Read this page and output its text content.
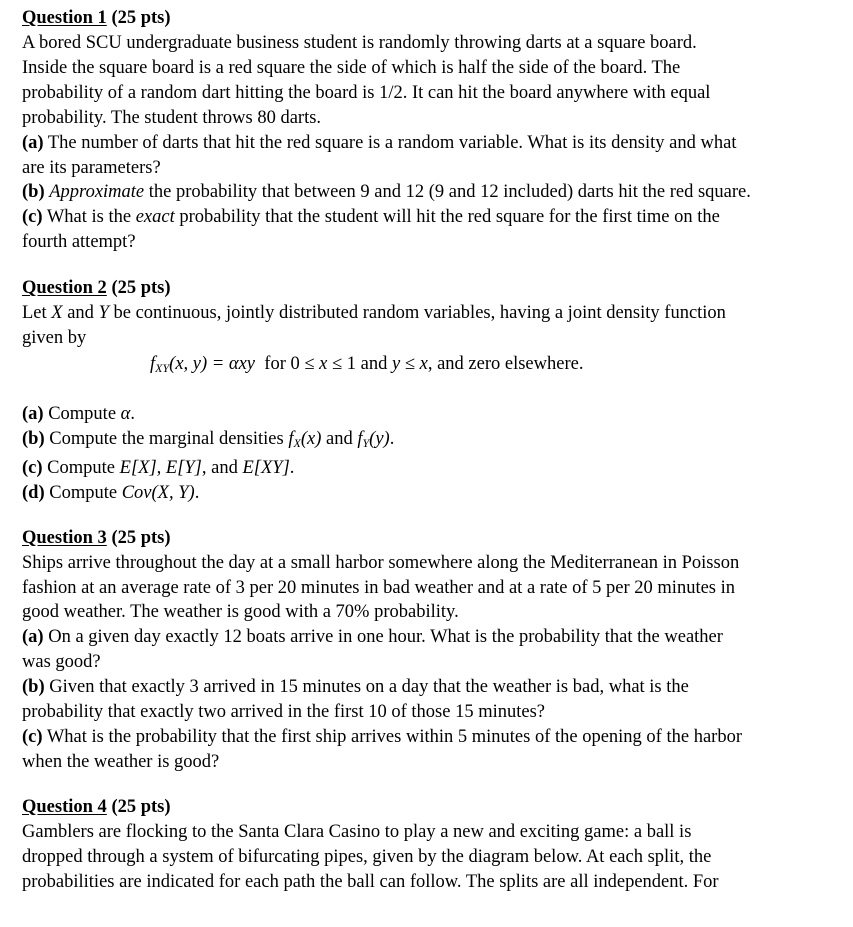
Question 1 (25 pts)

A bored SCU undergraduate business student is randomly throwing darts at a square board.

Inside the square board is a red square the side of which is half the side of the board. The

probability of a random dart hitting the board is 1/2. It can hit the board anywhere with equal

probability. The student throws 80 darts.

(a) The number of darts that hit the red square is a random variable. What is its density and what

are its parameters?

(b) Approximate the probability that between 9 and 12 (9 and 12 included) darts hit the red square.

(c) What is the exact probability that the student will hit the red square for the first time on the

fourth attempt?

Question 2 (25 pts)

Let X and Y be continuous, jointly distributed random variables, having a joint density function

given by

$f_{XY}(x$, y) = αxy  for 0 ≤ x ≤ 1 and y ≤ x, and zero elsewhere.

(a) Compute α.

(b) Compute the marginal densities $f_X(x)$ and $f_Y(y)$.

(c) Compute E[X], E[Y], and E[XY].

(d) Compute Cov(X, Y).

Question 3 (25 pts)

Ships arrive throughout the day at a small harbor somewhere along the Mediterranean in Poisson

fashion at an average rate of 3 per 20 minutes in bad weather and at a rate of 5 per 20 minutes in

good weather. The weather is good with a 70% probability.

(a) On a given day exactly 12 boats arrive in one hour. What is the probability that the weather

was good?

(b) Given that exactly 3 arrived in 15 minutes on a day that the weather is bad, what is the

probability that exactly two arrived in the first 10 of those 15 minutes?

(c) What is the probability that the first ship arrives within 5 minutes of the opening of the harbor

when the weather is good?

Question 4 (25 pts)

Gamblers are flocking to the Santa Clara Casino to play a new and exciting game: a ball is

dropped through a system of bifurcating pipes, given by the diagram below. At each split, the

probabilities are indicated for each path the ball can follow. The splits are all independent. For
